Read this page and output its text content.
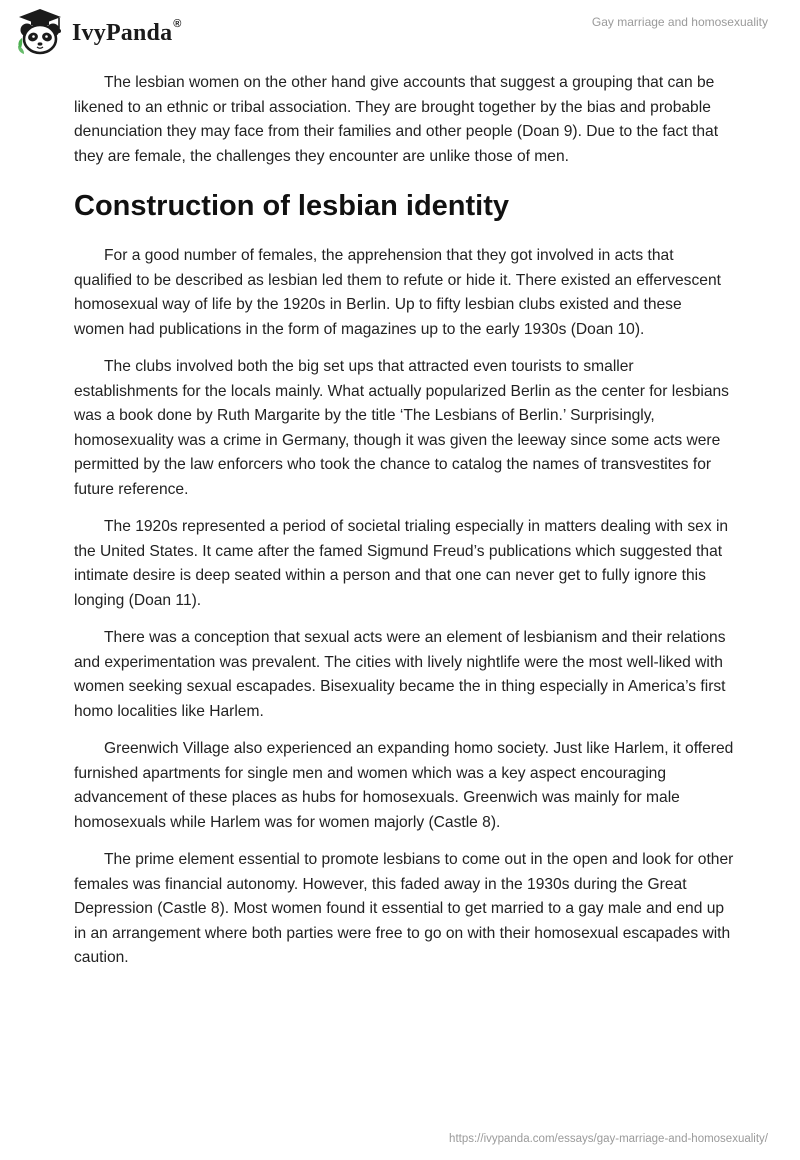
IvyPanda®	Gay marriage and homosexuality

The lesbian women on the other hand give accounts that suggest a grouping that can be likened to an ethnic or tribal association. They are brought together by the bias and probable denunciation they may face from their families and other people (Doan 9). Due to the fact that they are female, the challenges they encounter are unlike those of men.

Construction of lesbian identity

For a good number of females, the apprehension that they got involved in acts that qualified to be described as lesbian led them to refute or hide it. There existed an effervescent homosexual way of life by the 1920s in Berlin. Up to fifty lesbian clubs existed and these women had publications in the form of magazines up to the early 1930s (Doan 10).

The clubs involved both the big set ups that attracted even tourists to smaller establishments for the locals mainly. What actually popularized Berlin as the center for lesbians was a book done by Ruth Margarite by the title ‘The Lesbians of Berlin.’ Surprisingly, homosexuality was a crime in Germany, though it was given the leeway since some acts were permitted by the law enforcers who took the chance to catalog the names of transvestites for future reference.

The 1920s represented a period of societal trialing especially in matters dealing with sex in the United States. It came after the famed Sigmund Freud’s publications which suggested that intimate desire is deep seated within a person and that one can never get to fully ignore this longing (Doan 11).

There was a conception that sexual acts were an element of lesbianism and their relations and experimentation was prevalent. The cities with lively nightlife were the most well-liked with women seeking sexual escapades. Bisexuality became the in thing especially in America’s first homo localities like Harlem.

Greenwich Village also experienced an expanding homo society. Just like Harlem, it offered furnished apartments for single men and women which was a key aspect encouraging advancement of these places as hubs for homosexuals. Greenwich was mainly for male homosexuals while Harlem was for women majorly (Castle 8).

The prime element essential to promote lesbians to come out in the open and look for other females was financial autonomy. However, this faded away in the 1930s during the Great Depression (Castle 8). Most women found it essential to get married to a gay male and end up in an arrangement where both parties were free to go on with their homosexual escapades with caution.

https://ivypanda.com/essays/gay-marriage-and-homosexuality/
